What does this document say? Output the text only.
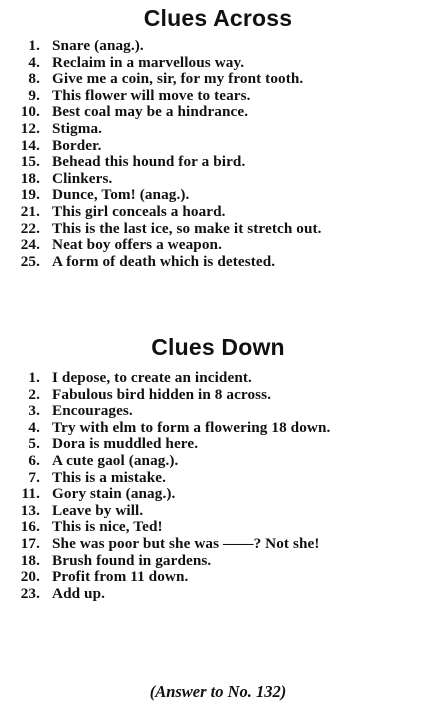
Clues Across
1. Snare (anag.).
4. Reclaim in a marvellous way.
8. Give me a coin, sir, for my front tooth.
9. This flower will move to tears.
10. Best coal may be a hindrance.
12. Stigma.
14. Border.
15. Behead this hound for a bird.
18. Clinkers.
19. Dunce, Tom! (anag.).
21. This girl conceals a hoard.
22. This is the last ice, so make it stretch out.
24. Neat boy offers a weapon.
25. A form of death which is detested.
Clues Down
1. I depose, to create an incident.
2. Fabulous bird hidden in 8 across.
3. Encourages.
4. Try with elm to form a flowering 18 down.
5. Dora is muddled here.
6. A cute gaol (anag.).
7. This is a mistake.
11. Gory stain (anag.).
13. Leave by will.
16. This is nice, Ted!
17. She was poor but she was ——? Not she!
18. Brush found in gardens.
20. Profit from 11 down.
23. Add up.
(Answer to No. 132)
